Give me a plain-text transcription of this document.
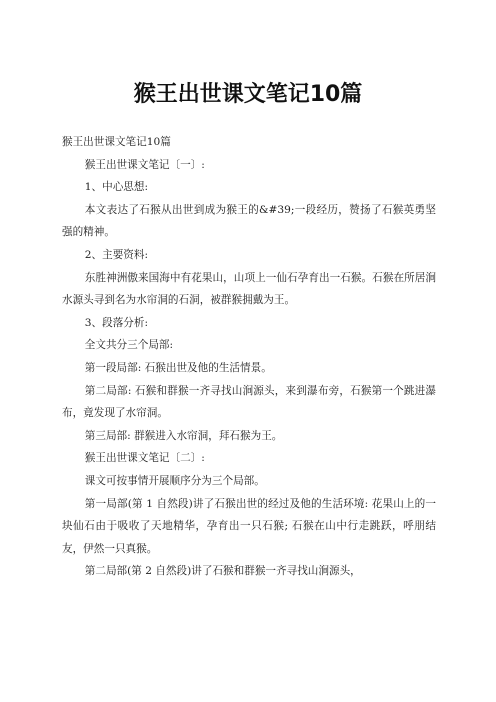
猴王出世课文笔记10篇

猴王出世课文笔记10篇

猴王出世课文笔记〔一〕:

1、中心思想:

本文表达了石猴从出世到成为猴王的&#39;一段经历，赞扬了石猴英勇坚强的精神。

2、主要资料:

东胜神洲傲来国海中有花果山，山项上一仙石孕育出一石猴。石猴在所居涧水源头寻到名为水帘洞的石洞，被群猴拥戴为王。

3、段落分析:

全文共分三个局部:

第一段局部: 石猴出世及他的生活情景。

第二局部: 石猴和群猴一齐寻找山涧源头，来到瀑布旁，石猴第一个跳进瀑布，竟发现了水帘洞。

第三局部: 群猴进入水帘洞，拜石猴为王。

猴王出世课文笔记〔二〕:

课文可按事情开展顺序分为三个局部。

第一局部(第 1 自然段)讲了石猴出世的经过及他的生活环境: 花果山上的一块仙石由于吸收了天地精华，孕育出一只石猴; 石猴在山中行走跳跃，呼朋结友，伊然一只真猴。

第二局部(第 2 自然段)讲了石猴和群猴一齐寻找山涧源头，
